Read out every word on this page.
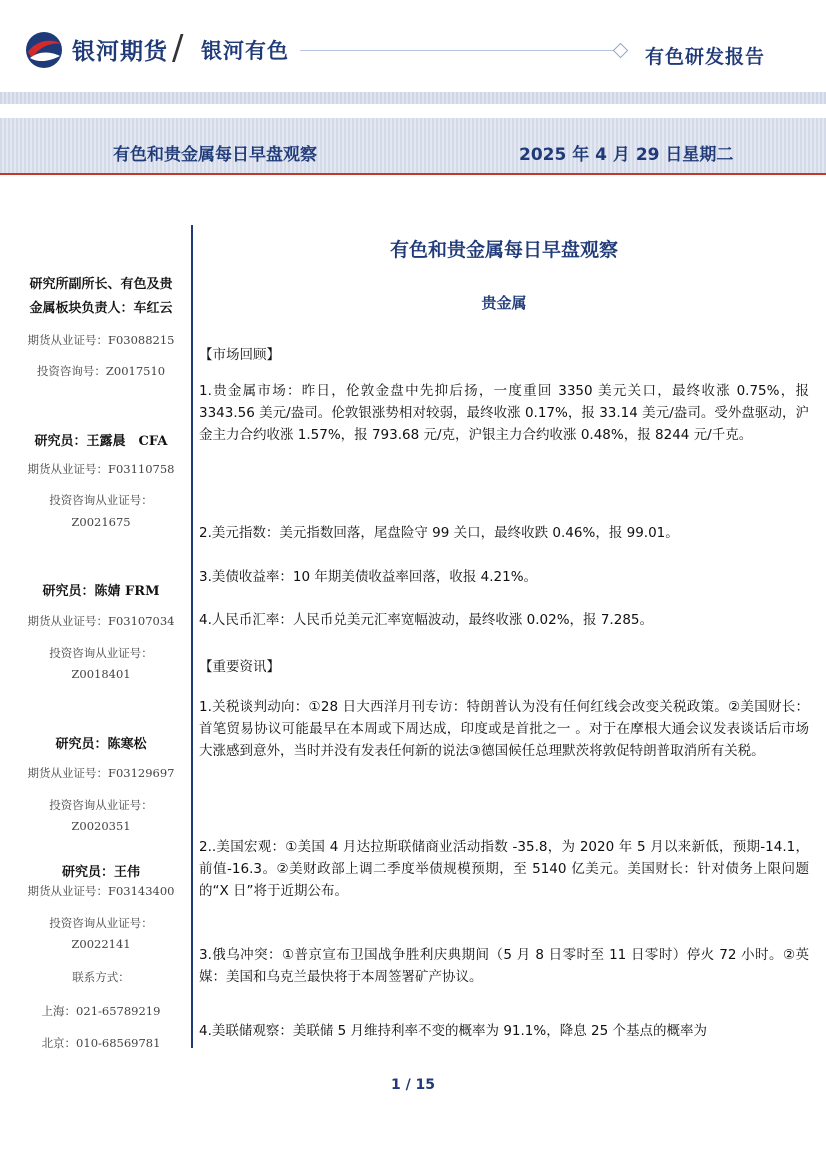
银河期货 / 银河有色	有色研发报告
有色和贵金属每日早盘观察	2025 年 4 月 29 日星期二
研究所副所长、有色及贵
金属板块负责人：车红云
期货从业证号：F03088215
投资咨询号：Z0017510
研究员：王露晨　CFA
期货从业证号：F03110758
投资咨询从业证号：
Z0021675
研究员：陈婧 FRM
期货从业证号：F03107034
投资咨询从业证号：
Z0018401
研究员：陈寒松
期货从业证号：F03129697
投资咨询从业证号：
Z0020351
研究员：王伟
期货从业证号：F03143400
投资咨询从业证号：
Z0022141
联系方式：
上海：021-65789219
北京：010-68569781
有色和贵金属每日早盘观察
贵金属
【市场回顾】
1.贵金属市场：昨日，伦敦金盘中先抑后扬，一度重回 3350 美元关口，最终收涨 0.75%，报 3343.56 美元/盎司。伦敦银涨势相对较弱，最终收涨 0.17%，报 33.14 美元/盎司。受外盘驱动，沪金主力合约收涨 1.57%，报 793.68 元/克，沪银主力合约收涨 0.48%，报 8244 元/千克。
2.美元指数：美元指数回落，尾盘险守 99 关口，最终收跌 0.46%，报 99.01。
3.美债收益率：10 年期美债收益率回落，收报 4.21%。
4.人民币汇率：人民币兑美元汇率宽幅波动，最终收涨 0.02%，报 7.285。
【重要资讯】
1.关税谈判动向：①28 日大西洋月刊专访：特朗普认为没有任何红线会改变关税政策。②美国财长：首笔贸易协议可能最早在本周或下周达成，印度或是首批之一 。对于在摩根大通会议发表谈话后市场大涨感到意外，当时并没有发表任何新的说法③德国候任总理默茨将敦促特朗普取消所有关税。
2..美国宏观：①美国 4 月达拉斯联储商业活动指数 -35.8，为 2020 年 5 月以来新低，预期-14.1，前值-16.3。②美财政部上调二季度举债规模预期，至 5140 亿美元。美国财长：针对债务上限问题的“X 日”将于近期公布。
3.俄乌冲突：①普京宣布卫国战争胜利庆典期间（5 月 8 日零时至 11 日零时）停火 72 小时。②英媒：美国和乌克兰最快将于本周签署矿产协议。
4.美联储观察：美联储 5 月维持利率不变的概率为 91.1%，降息 25 个基点的概率为
1 / 15
